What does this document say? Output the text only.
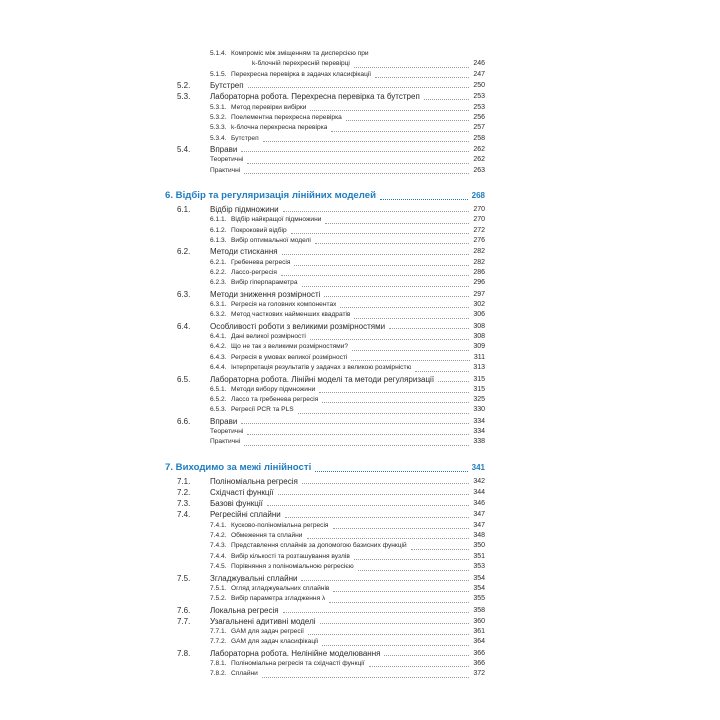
5.1.4. Компроміс між зміщенням та дисперсією при
k-блочній перехресній перевірці	246
5.1.5. Перехресна перевірка в задачах класифікації	247
5.2.	Бутстреп	250
5.3.	Лабораторна робота. Перехресна перевірка та бутстреп	253
5.3.1. Метод перевірки вибірки	253
5.3.2. Поелементна перехресна перевірка	256
5.3.3. k-блочна перехресна перевірка	257
5.3.4. Бутстреп	258
5.4.	Вправи	262
Теоретичні	262
Практичні	263
6. Відбір та регуляризація лінійних моделей	268
6.1.	Відбір підмножини	270
6.1.1. Відбір найкращої підмножини	270
6.1.2. Покроковий відбір	272
6.1.3. Вибір оптимальної моделі	276
6.2.	Методи стискання	282
6.2.1. Гребенева регресія	282
6.2.2. Лассо-регресія	286
6.2.3. Вибір гіперпараметра	296
6.3.	Методи зниження розмірності	297
6.3.1. Регресія на головних компонентах	302
6.3.2. Метод часткових найменших квадратів	306
6.4.	Особливості роботи з великими розмірностями	308
6.4.1. Дані великої розмірності	308
6.4.2. Що не так з великими розмірностями?	309
6.4.3. Регресія в умовах великої розмірності	311
6.4.4. Інтерпретація результатів у задачах з великою розмірністю	313
6.5.	Лабораторна робота. Лінійні моделі та методи регуляризації	315
6.5.1. Методи вибору підмножини	315
6.5.2. Лассо та гребенева регресія	325
6.5.3. Регресії PCR та PLS	330
6.6.	Вправи	334
Теоретичні	334
Практичні	338
7. Виходимо за межі лінійності	341
7.1.	Поліноміальна регресія	342
7.2.	Східчасті функції	344
7.3.	Базові функції	346
7.4.	Регресійні сплайни	347
7.4.1. Кусково-поліноміальна регресія	347
7.4.2. Обмеження та сплайни	348
7.4.3. Представлення сплайнів за допомогою базисних функцій	350
7.4.4. Вибір кількості та розташування вузлів	351
7.4.5. Порівняння з поліноміальною регресією	353
7.5.	Згладжувальні сплайни	354
7.5.1. Огляд згладжувальних сплайнів	354
7.5.2. Вибір параметра згладження λ	355
7.6.	Локальна регресія	358
7.7.	Узагальнені адитивні моделі	360
7.7.1. GAM для задач регресії	361
7.7.2. GAM для задач класифікації	364
7.8.	Лабораторна робота. Нелінійне моделювання	366
7.8.1. Поліноміальна регресія та східчасті функції	366
7.8.2. Сплайни	372
